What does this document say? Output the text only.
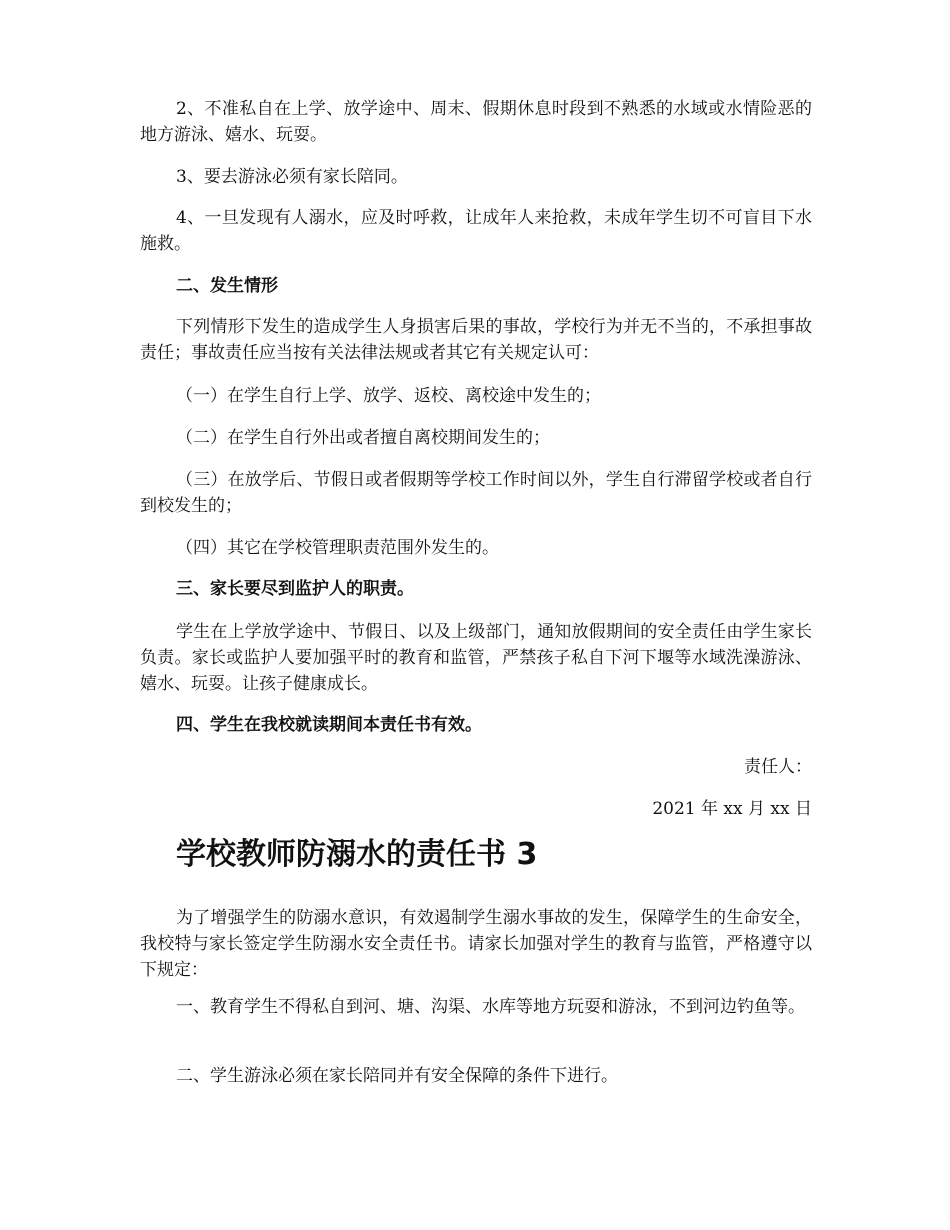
2、不准私自在上学、放学途中、周末、假期休息时段到不熟悉的水域或水情险恶的地方游泳、嬉水、玩耍。
3、要去游泳必须有家长陪同。
4、一旦发现有人溺水，应及时呼救，让成年人来抢救，未成年学生切不可盲目下水施救。
二、发生情形
下列情形下发生的造成学生人身损害后果的事故，学校行为并无不当的，不承担事故责任；事故责任应当按有关法律法规或者其它有关规定认可：
（一）在学生自行上学、放学、返校、离校途中发生的；
（二）在学生自行外出或者擅自离校期间发生的；
（三）在放学后、节假日或者假期等学校工作时间以外，学生自行滞留学校或者自行到校发生的；
（四）其它在学校管理职责范围外发生的。
三、家长要尽到监护人的职责。
学生在上学放学途中、节假日、以及上级部门，通知放假期间的安全责任由学生家长负责。家长或监护人要加强平时的教育和监管，严禁孩子私自下河下堰等水域洗澡游泳、嬉水、玩耍。让孩子健康成长。
四、学生在我校就读期间本责任书有效。
责任人：
2021 年 xx 月 xx 日
学校教师防溺水的责任书 3
为了增强学生的防溺水意识，有效遏制学生溺水事故的发生，保障学生的生命安全，我校特与家长签定学生防溺水安全责任书。请家长加强对学生的教育与监管，严格遵守以下规定：
一、教育学生不得私自到河、塘、沟渠、水库等地方玩耍和游泳，不到河边钓鱼等。
二、学生游泳必须在家长陪同并有安全保障的条件下进行。
